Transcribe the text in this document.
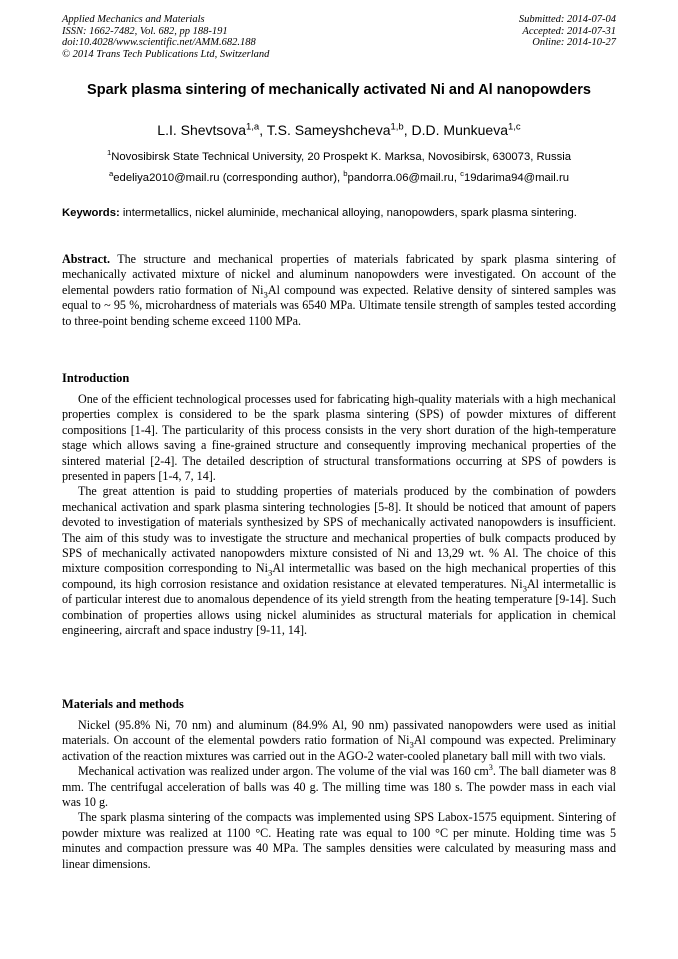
Applied Mechanics and Materials
ISSN: 1662-7482, Vol. 682, pp 188-191
doi:10.4028/www.scientific.net/AMM.682.188
© 2014 Trans Tech Publications Ltd, Switzerland
Submitted: 2014-07-04
Accepted: 2014-07-31
Online: 2014-10-27
Spark plasma sintering of mechanically activated Ni and Al nanopowders
L.I. Shevtsova$^{1,a}$, T.S. Sameyshcheva$^{1,b}$, D.D. Munkueva$^{1,c}$
$^1$Novosibirsk State Technical University, 20 Prospekt K. Marksa, Novosibirsk, 630073, Russia
$^a$edeliya2010@mail.ru (corresponding author), $^b$pandorra.06@mail.ru, $^c$19darima94@mail.ru
Keywords: intermetallics, nickel aluminide, mechanical alloying, nanopowders, spark plasma sintering.

Abstract. The structure and mechanical properties of materials fabricated by spark plasma sintering of mechanically activated mixture of nickel and aluminum nanopowders were investigated. On account of the elemental powders ratio formation of $Ni_3Al$ compound was expected. Relative density of sintered samples was equal to ~ 95 %, microhardness of materials was 6540 MPa. Ultimate tensile strength of samples tested according to three-point bending scheme exceed 1100 MPa.

Introduction

One of the efficient technological processes used for fabricating high-quality materials with a high mechanical properties complex is considered to be the spark plasma sintering (SPS) of powder mixtures of different compositions [1-4]. The particularity of this process consists in the very short duration of the high-temperature stage which allows saving a fine-grained structure and consequently improving mechanical properties of the sintered material [2-4]. The detailed description of structural transformations occurring at SPS of powders is presented in papers [1-4, 7, 14].

The great attention is paid to studding properties of materials produced by the combination of powders mechanical activation and spark plasma sintering technologies [5-8]. It should be noticed that amount of papers devoted to investigation of materials synthesized by SPS of mechanically activated nanopowders is insufficient. The aim of this study was to investigate the structure and mechanical properties of bulk compacts produced by SPS of mechanically activated nanopowders mixture consisted of Ni and 13,29 wt. % Al. The choice of this mixture composition corresponding to $Ni_3Al$ intermetallic was based on the high mechanical properties of this compound, its high corrosion resistance and oxidation resistance at elevated temperatures. $Ni_3Al$ intermetallic is of particular interest due to anomalous dependence of its yield strength from the heating temperature [9-14]. Such combination of properties allows using nickel aluminides as structural materials for application in chemical engineering, aircraft and space industry [9-11, 14].

Materials and methods

Nickel (95.8% Ni, 70 nm) and aluminum (84.9% Al, 90 nm) passivated nanopowders were used as initial materials. On account of the elemental powders ratio formation of $Ni_3Al$ compound was expected. Preliminary activation of the reaction mixtures was carried out in the AGO-2 water-cooled planetary ball mill with two vials.

Mechanical activation was realized under argon. The volume of the vial was 160 $cm^3$. The ball diameter was 8 mm. The centrifugal acceleration of balls was 40 g. The milling time was 180 s. The powder mass in each vial was 10 g.

The spark plasma sintering of the compacts was implemented using SPS Labox-1575 equipment. Sintering of powder mixture was realized at 1100 °C. Heating rate was equal to 100 °C per minute. Holding time was 5 minutes and compaction pressure was 40 MPa. The samples densities were calculated by measuring mass and linear dimensions.
